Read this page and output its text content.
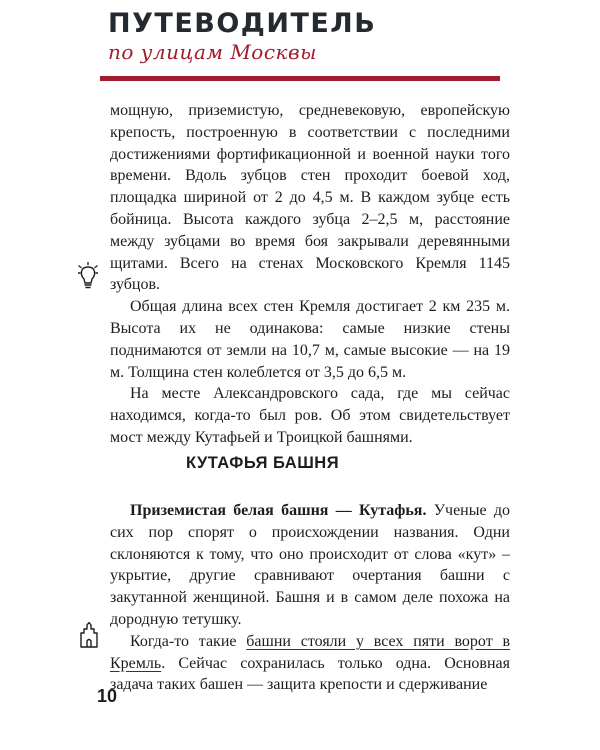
ПУТЕВОДИТЕЛЬ
по улицам Москвы

мощную, приземистую, средневековую, европейскую крепость, построенную в соответствии с последними достижениями фортификационной и военной науки того времени. Вдоль зубцов стен проходит боевой ход, площадка шириной от 2 до 4,5 м. В каждом зубце есть бойница. Высота каждого зубца 2–2,5 м, расстояние между зубцами во время боя закрывали деревянными щитами. Всего на стенах Московского Кремля 1145 зубцов.

Общая длина всех стен Кремля достигает 2 км 235 м. Высота их не одинакова: самые низкие стены поднимаются от земли на 10,7 м, самые высокие — на 19 м. Толщина стен колеблется от 3,5 до 6,5 м.

На месте Александровского сада, где мы сейчас находимся, когда-то был ров. Об этом свидетельствует мост между Кутафьей и Троицкой башнями.

КУТАФЬЯ БАШНЯ

Приземистая белая башня — Кутафья. Ученые до сих пор спорят о происхождении названия. Одни склоняются к тому, что оно происходит от слова «кут» – укрытие, другие сравнивают очертания башни с закутанной женщиной. Башня и в самом деле похожа на дородную тетушку.

Когда-то такие башни стояли у всех пяти ворот в Кремль. Сейчас сохранилась только одна. Основная задача таких башен — защита крепости и сдерживание

10
